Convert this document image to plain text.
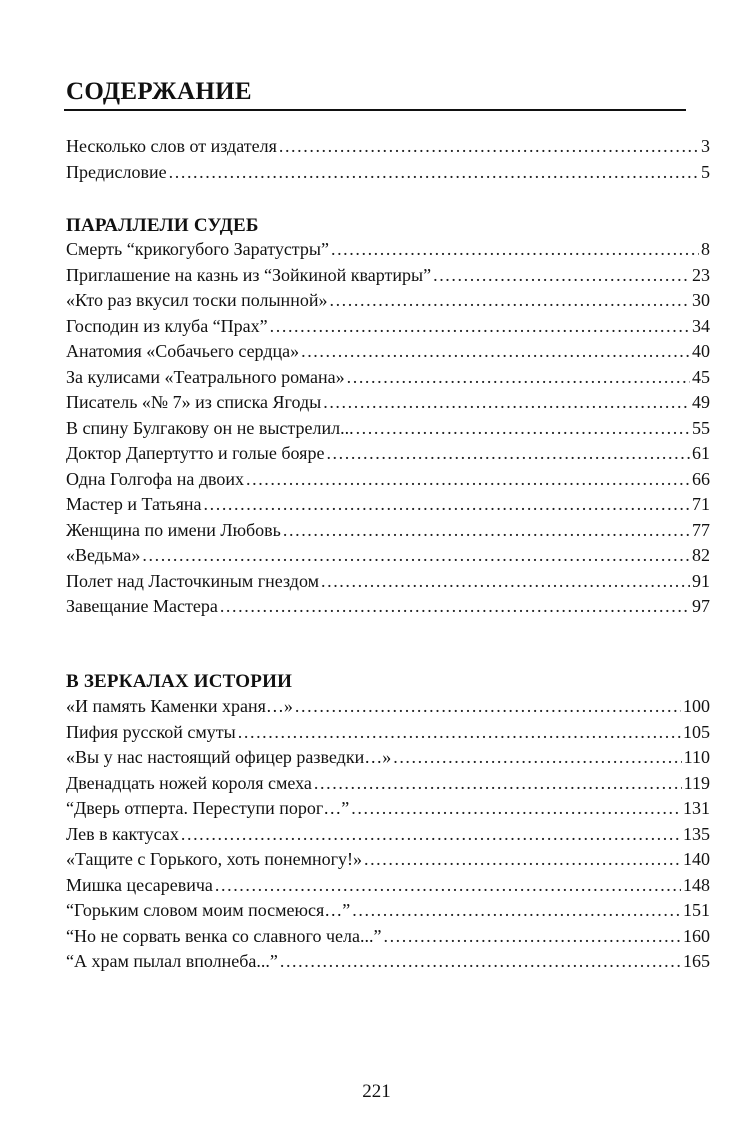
СОДЕРЖАНИЕ
Несколько слов от издателя .....	3
Предисловие .....	5
ПАРАЛЛЕЛИ СУДЕБ
Смерть “крикогубого Заратустры” .....	8
Приглашение на казнь из “Зойкиной квартиры” .....	23
«Кто раз вкусил тоски полынной» .....	30
Господин из клуба “Прах” .....	34
Анатомия «Собачьего сердца» .....	40
За кулисами «Театрального романа» .....	45
Писатель «№ 7» из списка Ягоды .....	49
В спину Булгакову он не выстрелил... .....	55
Доктор Дапертутто и голые бояре .....	61
Одна Голгофа на двоих .....	66
Мастер и Татьяна .....	71
Женщина по имени Любовь .....	77
«Ведьма» .....	82
Полет над Ласточкиным гнездом .....	91
Завещание Мастера .....	97
В ЗЕРКАЛАХ ИСТОРИИ
«И память Каменки храня…» .....	100
Пифия русской смуты .....	105
«Вы у нас настоящий офицер разведки…» .....	110
Двенадцать ножей короля смеха .....	119
“Дверь отперта. Переступи порог…” .....	131
Лев в кактусах .....	135
«Тащите с Горького, хоть понемногу!» .....	140
Мишка цесаревича .....	148
“Горьким словом моим посмеюся…” .....	151
“Но не сорвать венка со славного чела...” .....	160
“А храм пылал вполнеба...” .....	165
221
